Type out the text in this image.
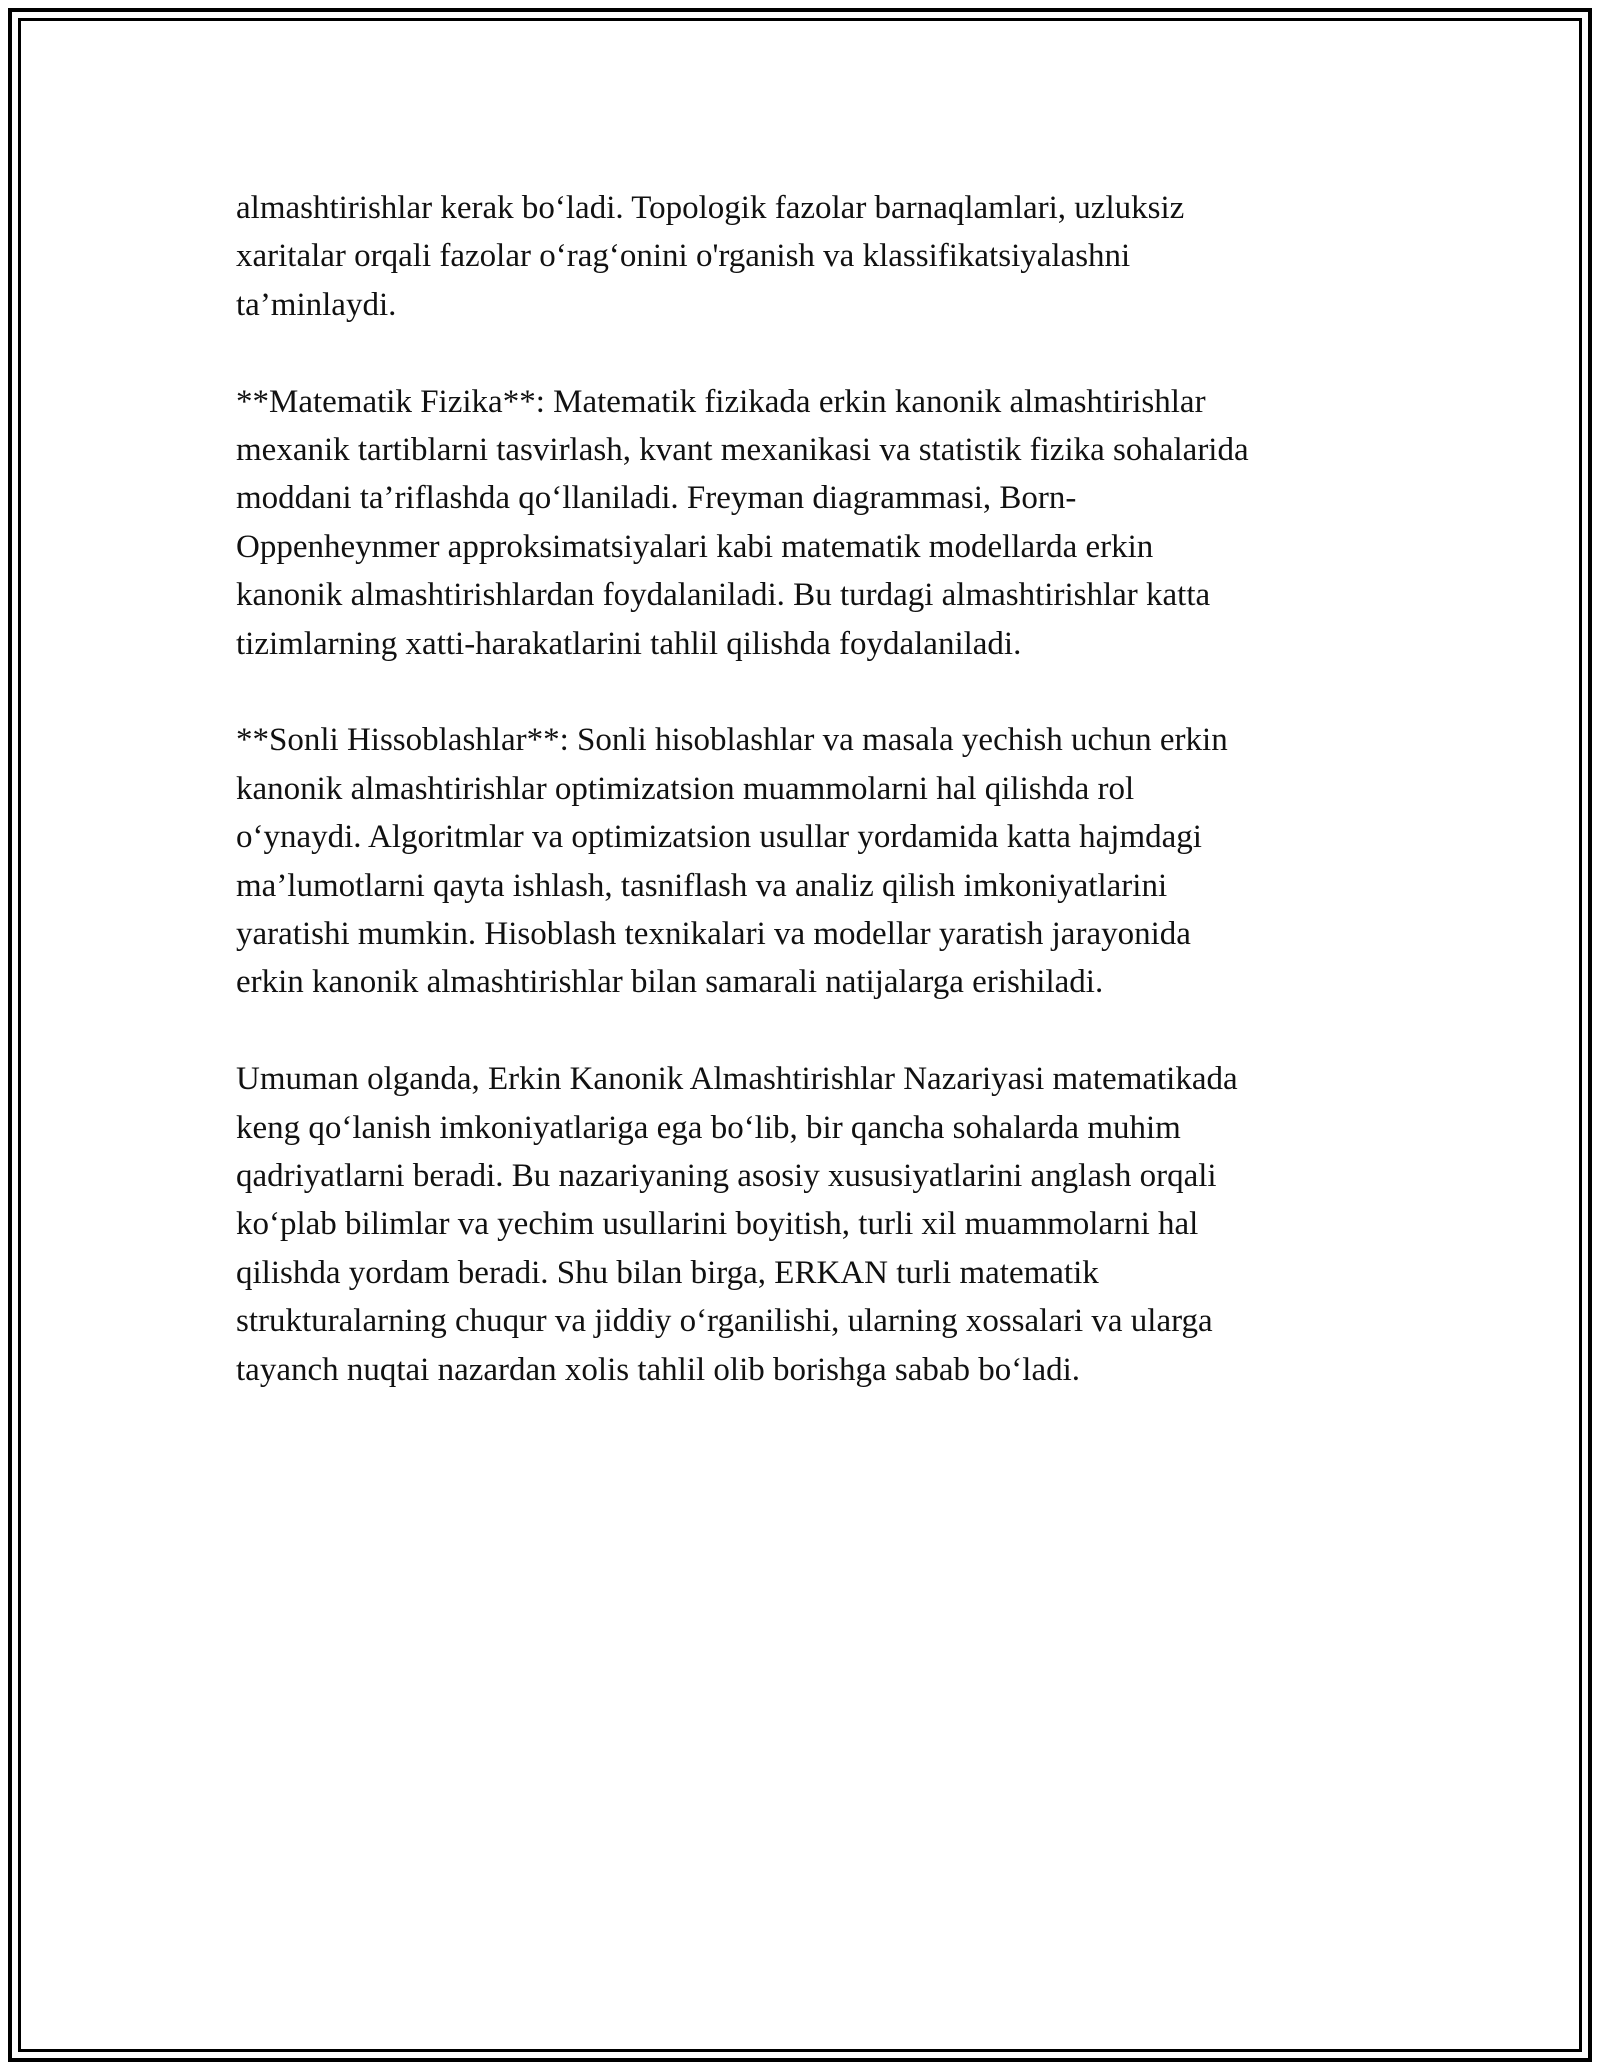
almashtirishlar kerak bo‘ladi. Topologik fazolar barnaqlamlari, uzluksiz
xaritalar orqali fazolar o‘rag‘onini o'rganish va klassifikatsiyalashni
ta’minlaydi.

**Matematik Fizika**: Matematik fizikada erkin kanonik almashtirishlar
mexanik tartiblarni tasvirlash, kvant mexanikasi va statistik fizika sohalarida
moddani ta’riflashda qo‘llaniladi. Freyman diagrammasi, Born-
Oppenheynmer approksimatsiyalari kabi matematik modellarda erkin
kanonik almashtirishlardan foydalaniladi. Bu turdagi almashtirishlar katta
tizimlarning xatti-harakatlarini tahlil qilishda foydalaniladi.

**Sonli Hissoblashlar**: Sonli hisoblashlar va masala yechish uchun erkin
kanonik almashtirishlar optimizatsion muammolarni hal qilishda rol
o‘ynaydi. Algoritmlar va optimizatsion usullar yordamida katta hajmdagi
ma’lumotlarni qayta ishlash, tasniflash va analiz qilish imkoniyatlarini
yaratishi mumkin. Hisoblash texnikalari va modellar yaratish jarayonida
erkin kanonik almashtirishlar bilan samarali natijalarga erishiladi.

Umuman olganda, Erkin Kanonik Almashtirishlar Nazariyasi matematikada
keng qo‘lanish imkoniyatlariga ega bo‘lib, bir qancha sohalarda muhim
qadriyatlarni beradi. Bu nazariyaning asosiy xususiyatlarini anglash orqali
ko‘plab bilimlar va yechim usullarini boyitish, turli xil muammolarni hal
qilishda yordam beradi. Shu bilan birga, ERKAN turli matematik
strukturalarning chuqur va jiddiy o‘rganilishi, ularning xossalari va ularga
tayanch nuqtai nazardan xolis tahlil olib borishga sabab bo‘ladi.
